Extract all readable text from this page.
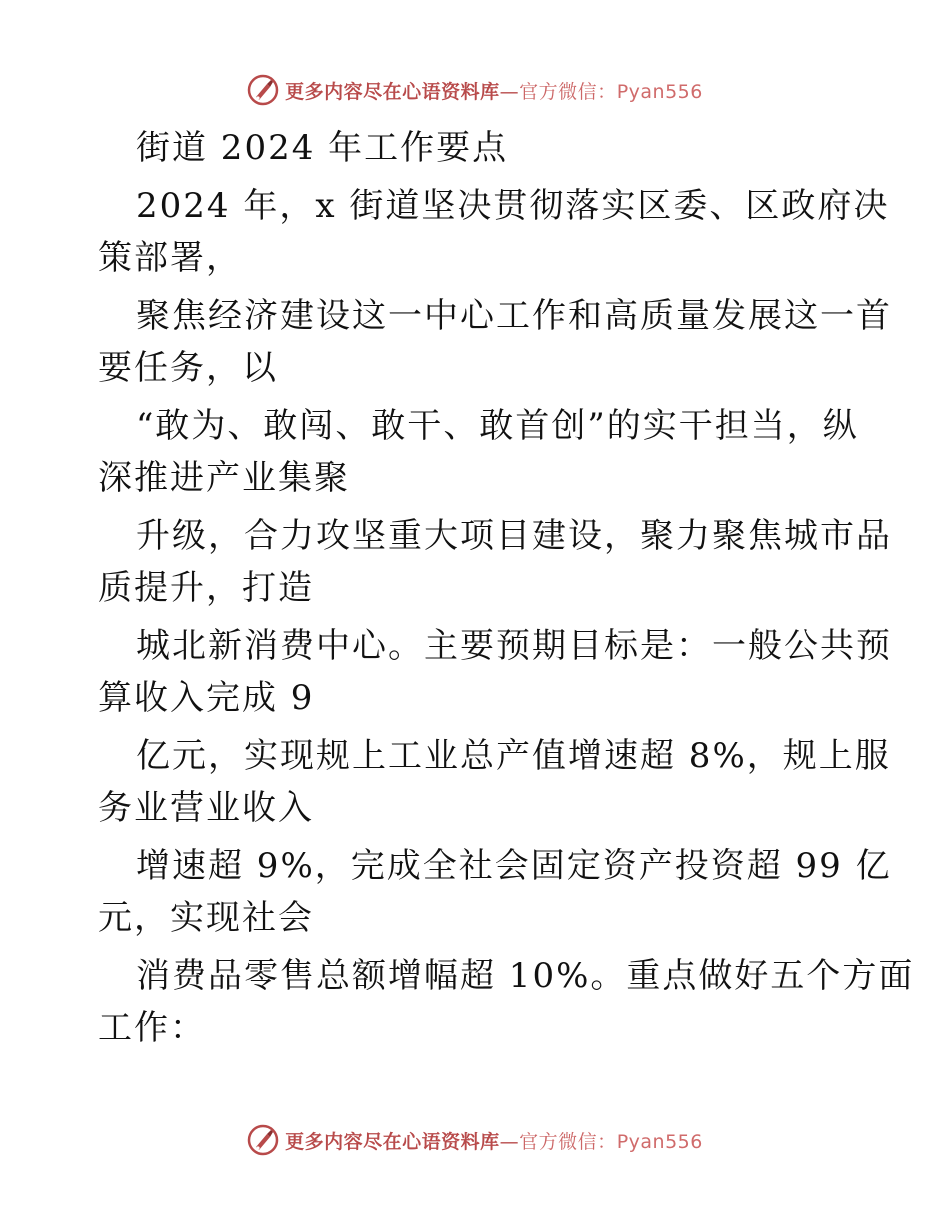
更多内容尽在心语资料库—官方微信：Pyan556
街道 2024 年工作要点
2024 年，x 街道坚决贯彻落实区委、区政府决
策部署，
聚焦经济建设这一中心工作和高质量发展这一首
要任务，以
“敢为、敢闯、敢干、敢首创”的实干担当，纵
深推进产业集聚
升级，合力攻坚重大项目建设，聚力聚焦城市品
质提升，打造
城北新消费中心。主要预期目标是：一般公共预
算收入完成 9
亿元，实现规上工业总产值增速超 8%，规上服
务业营业收入
增速超 9%，完成全社会固定资产投资超 99 亿
元，实现社会
消费品零售总额增幅超 10%。重点做好五个方面
工作：
更多内容尽在心语资料库—官方微信：Pyan556
